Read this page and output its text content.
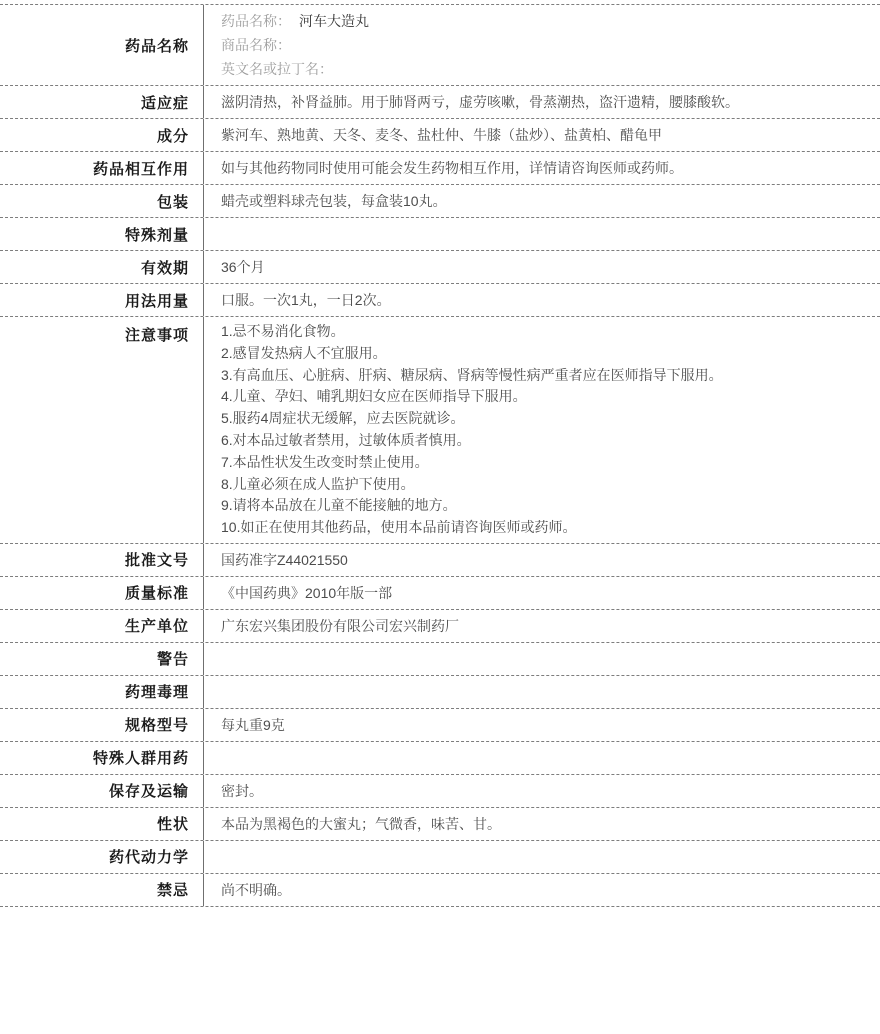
药品名称
药品名称： 河车大造丸
商品名称：
英文名或拉丁名：
适应症	滋阴清热，补肾益肺。用于肺肾两亏，虚劳咳嗽，骨蒸潮热，盗汗遗精，腰膝酸软。
成分	紫河车、熟地黄、天冬、麦冬、盐杜仲、牛膝（盐炒）、盐黄柏、醋龟甲
药品相互作用	如与其他药物同时使用可能会发生药物相互作用，详情请咨询医师或药师。
包装	蜡壳或塑料球壳包装，每盒装10丸。
特殊剂量
有效期	36个月
用法用量	口服。一次1丸，一日2次。
注意事项	1.忌不易消化食物。
2.感冒发热病人不宜服用。
3.有高血压、心脏病、肝病、糖尿病、肾病等慢性病严重者应在医师指导下服用。
4.儿童、孕妇、哺乳期妇女应在医师指导下服用。
5.服药4周症状无缓解，应去医院就诊。
6.对本品过敏者禁用，过敏体质者慎用。
7.本品性状发生改变时禁止使用。
8.儿童必须在成人监护下使用。
9.请将本品放在儿童不能接触的地方。
10.如正在使用其他药品，使用本品前请咨询医师或药师。
批准文号	国药准字Z44021550
质量标准	《中国药典》2010年版一部
生产单位	广东宏兴集团股份有限公司宏兴制药厂
警告
药理毒理
规格型号	每丸重9克
特殊人群用药
保存及运输	密封。
性状	本品为黑褐色的大蜜丸；气微香，味苦、甘。
药代动力学
禁忌	尚不明确。
